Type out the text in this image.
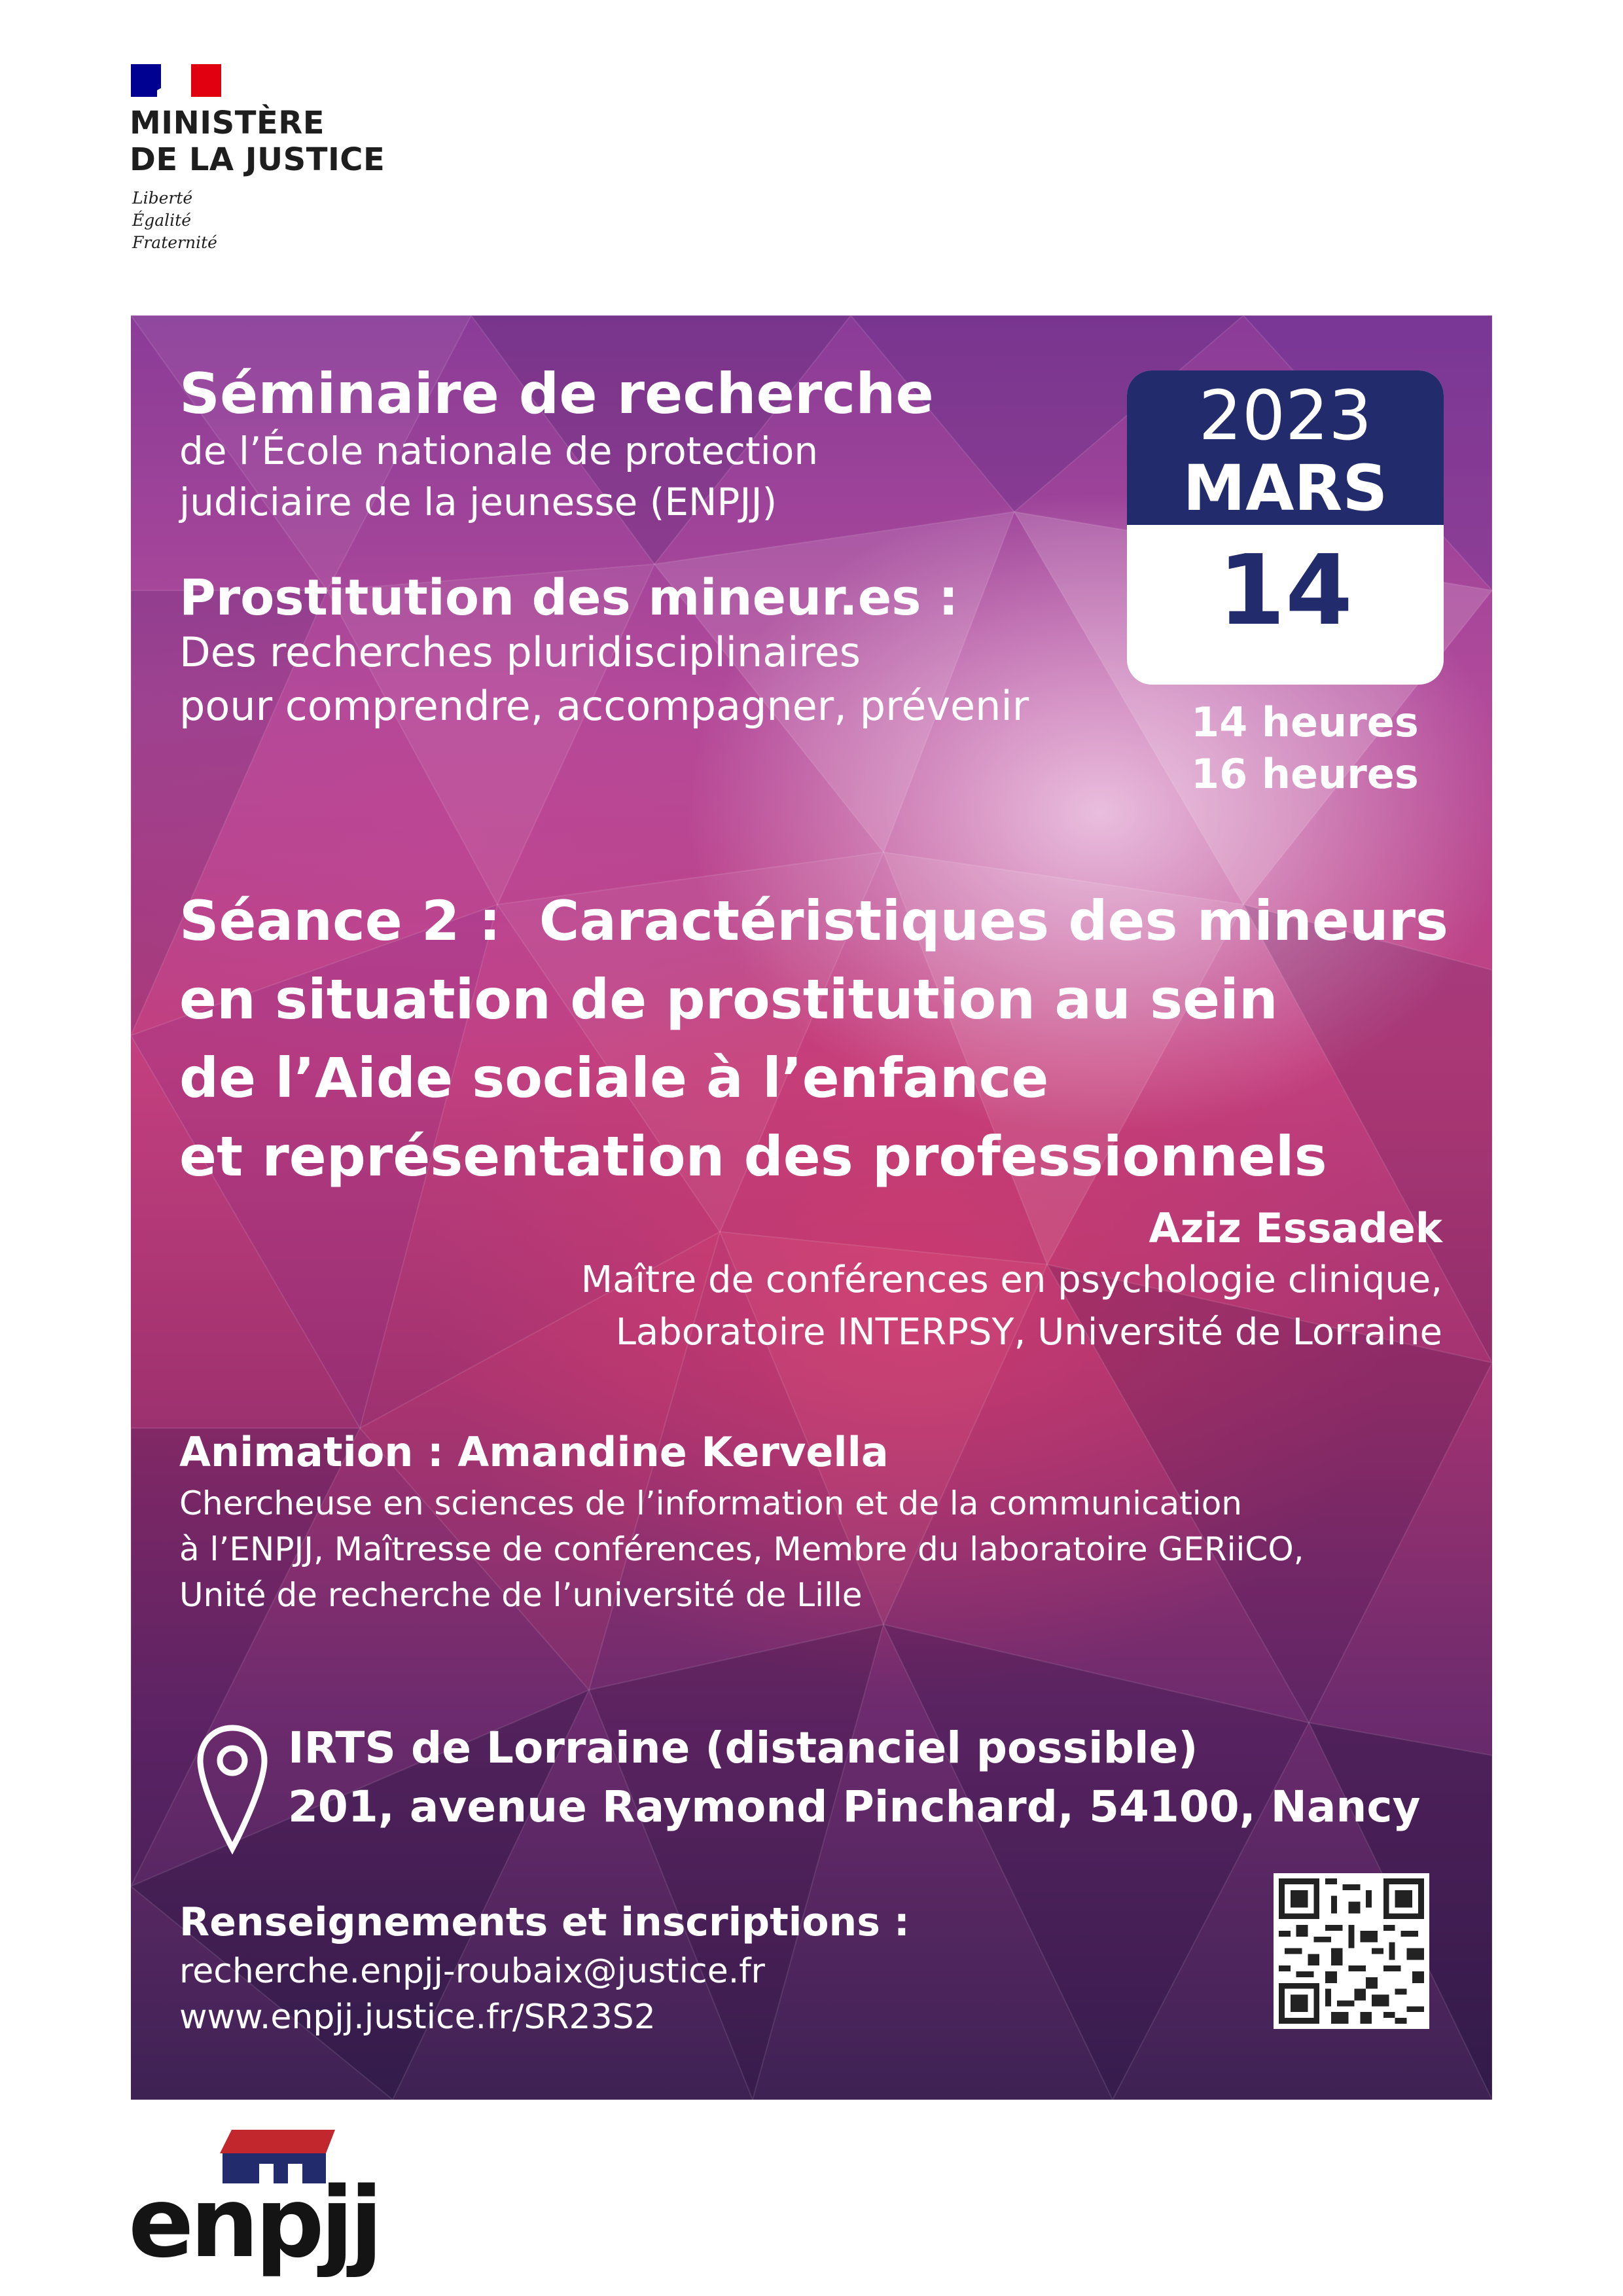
MINISTÈRE
DE LA JUSTICE
Liberté
Égalité
Fraternité
Séminaire de recherche
de l’École nationale de protection
judiciaire de la jeunesse (ENPJJ)
Prostitution des mineur.es :
Des recherches pluridisciplinaires
pour comprendre, accompagner, prévenir
2023
MARS
14
14 heures
16 heures
Séance 2 :  Caractéristiques des mineurs
en situation de prostitution au sein
de l’Aide sociale à l’enfance
et représentation des professionnels
Aziz Essadek
Maître de conférences en psychologie clinique,
Laboratoire INTERPSY, Université de Lorraine
Animation : Amandine Kervella
Chercheuse en sciences de l’information et de la communication
à l’ENPJJ, Maîtresse de conférences, Membre du laboratoire GERiiCO,
Unité de recherche de l’université de Lille
IRTS de Lorraine (distanciel possible)
201, avenue Raymond Pinchard, 54100, Nancy
Renseignements et inscriptions :
recherche.enpjj-roubaix@justice.fr
www.enpjj.justice.fr/SR23S2
enpjj
